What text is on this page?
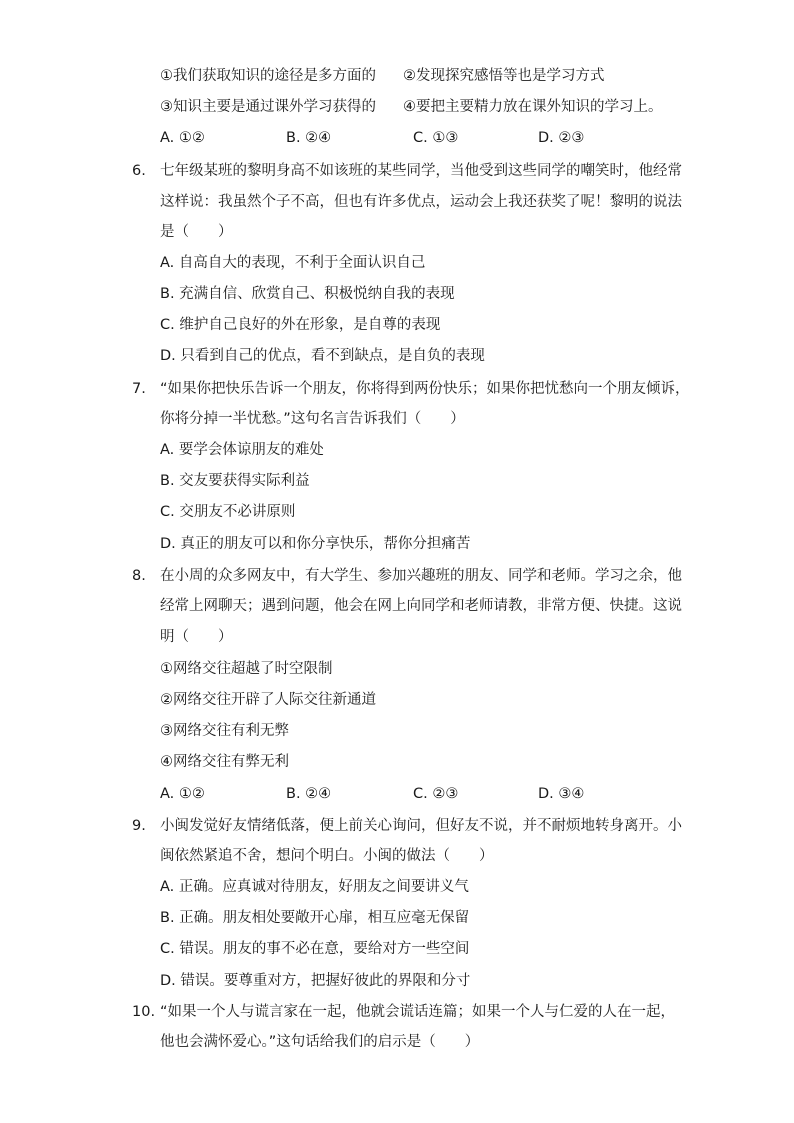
①我们获取知识的途径是多方面的 ②发现探究感悟等也是学习方式
③知识主要是通过课外学习获得的 ④要把主要精力放在课外知识的学习上。
A. ①②	B. ②④	C. ①③	D. ②③
6. 七年级某班的黎明身高不如该班的某些同学，当他受到这些同学的嘲笑时，他经常
这样说：我虽然个子不高，但也有许多优点，运动会上我还获奖了呢！黎明的说法
是（　　）
A. 自高自大的表现，不利于全面认识自己
B. 充满自信、欣赏自己、积极悦纳自我的表现
C. 维护自己良好的外在形象，是自尊的表现
D. 只看到自己的优点，看不到缺点，是自负的表现
7. “如果你把快乐告诉一个朋友，你将得到两份快乐；如果你把忧愁向一个朋友倾诉，
你将分掉一半忧愁。”这句名言告诉我们（　　）
A. 要学会体谅朋友的难处
B. 交友要获得实际利益
C. 交朋友不必讲原则
D. 真正的朋友可以和你分享快乐，帮你分担痛苦
8. 在小周的众多网友中，有大学生、参加兴趣班的朋友、同学和老师。学习之余，他
经常上网聊天；遇到问题，他会在网上向同学和老师请教，非常方便、快捷。这说
明（　　）
①网络交往超越了时空限制
②网络交往开辟了人际交往新通道
③网络交往有利无弊
④网络交往有弊无利
A. ①②	B. ②④	C. ②③	D. ③④
9. 小闽发觉好友情绪低落，便上前关心询问，但好友不说，并不耐烦地转身离开。小
闽依然紧追不舍，想问个明白。小闽的做法（　　）
A. 正确。应真诚对待朋友，好朋友之间要讲义气
B. 正确。朋友相处要敞开心扉，相互应毫无保留
C. 错误。朋友的事不必在意，要给对方一些空间
D. 错误。要尊重对方，把握好彼此的界限和分寸
10. “如果一个人与谎言家在一起，他就会谎话连篇；如果一个人与仁爱的人在一起，
他也会满怀爱心。”这句话给我们的启示是（　　）
